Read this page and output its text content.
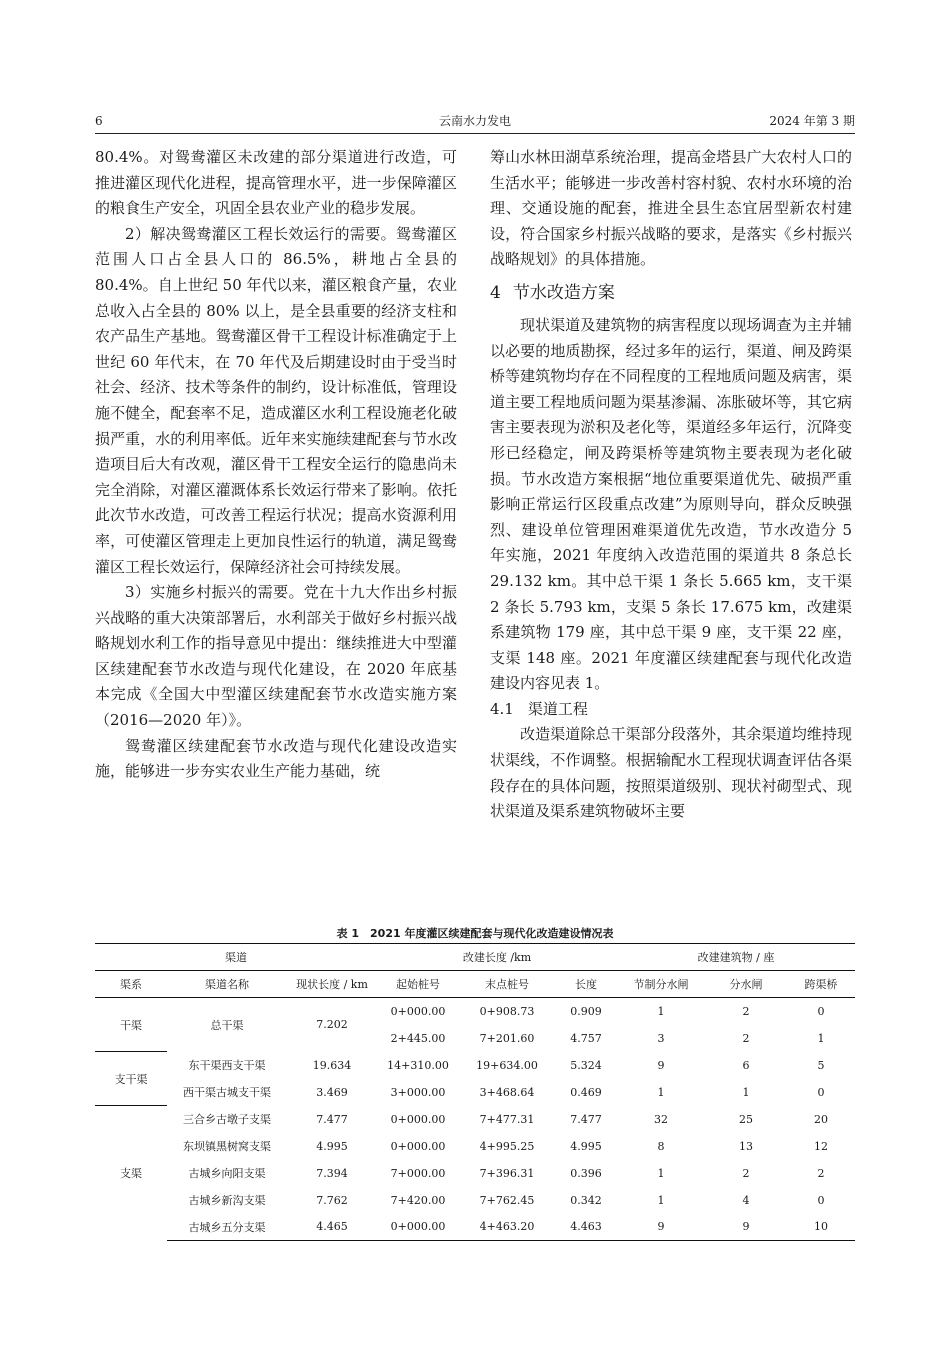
6	云南水力发电	2024 年第 3 期

80.4%。对鸳鸯灌区未改建的部分渠道进行改造，可推进灌区现代化进程，提高管理水平，进一步保障灌区的粮食生产安全，巩固全县农业产业的稳步发展。

2）解决鸳鸯灌区工程长效运行的需要。鸳鸯灌区范围人口占全县人口的 86.5%，耕地占全县的 80.4%。自上世纪 50 年代以来，灌区粮食产量，农业总收入占全县的 80% 以上，是全县重要的经济支柱和农产品生产基地。鸳鸯灌区骨干工程设计标准确定于上世纪 60 年代末，在 70 年代及后期建设时由于受当时社会、经济、技术等条件的制约，设计标准低，管理设施不健全，配套率不足，造成灌区水利工程设施老化破损严重，水的利用率低。近年来实施续建配套与节水改造项目后大有改观，灌区骨干工程安全运行的隐患尚未完全消除，对灌区灌溉体系长效运行带来了影响。依托此次节水改造，可改善工程运行状况；提高水资源利用率，可使灌区管理走上更加良性运行的轨道，满足鸳鸯灌区工程长效运行，保障经济社会可持续发展。

3）实施乡村振兴的需要。党在十九大作出乡村振兴战略的重大决策部署后，水利部关于做好乡村振兴战略规划水利工作的指导意见中提出：继续推进大中型灌区续建配套节水改造与现代化建设，在 2020 年底基本完成《全国大中型灌区续建配套节水改造实施方案（2016—2020 年）》。

鸳鸯灌区续建配套节水改造与现代化建设改造实施，能够进一步夯实农业生产能力基础，统

筹山水林田湖草系统治理，提高金塔县广大农村人口的生活水平；能够进一步改善村容村貌、农村水环境的治理、交通设施的配套，推进全县生态宜居型新农村建设，符合国家乡村振兴战略的要求，是落实《乡村振兴战略规划》的具体措施。

4 节水改造方案

现状渠道及建筑物的病害程度以现场调查为主并辅以必要的地质勘探，经过多年的运行，渠道、闸及跨渠桥等建筑物均存在不同程度的工程地质问题及病害，渠道主要工程地质问题为渠基渗漏、冻胀破坏等，其它病害主要表现为淤积及老化等，渠道经多年运行，沉降变形已经稳定，闸及跨渠桥等建筑物主要表现为老化破损。节水改造方案根据“地位重要渠道优先、破损严重影响正常运行区段重点改建”为原则导向，群众反映强烈、建设单位管理困难渠道优先改造，节水改造分 5 年实施，2021 年度纳入改造范围的渠道共 8 条总长 29.132 km。其中总干渠 1 条长 5.665 km，支干渠 2 条长 5.793 km，支渠 5 条长 17.675 km，改建渠系建筑物 179 座，其中总干渠 9 座，支干渠 22 座，支渠 148 座。2021 年度灌区续建配套与现代化改造建设内容见表 1。

4.1 渠道工程

改造渠道除总干渠部分段落外，其余渠道均维持现状渠线，不作调整。根据输配水工程现状调查评估各渠段存在的具体问题，按照渠道级别、现状衬砌型式、现状渠道及渠系建筑物破坏主要

表 1　2021 年度灌区续建配套与现代化改造建设情况表
渠道			改建长度 /km			改建建筑物 / 座		
渠系	渠道名称	现状长度 / km	起始桩号	末点桩号	长度	节制分水闸	分水闸	跨渠桥
干渠	总干渠	7.202	0+000.00	0+908.73	0.909	1	2	0
			2+445.00	7+201.60	4.757	3	2	1
支干渠	东干渠西支干渠	19.634	14+310.00	19+634.00	5.324	9	6	5
	西干渠古城支干渠	3.469	3+000.00	3+468.64	0.469	1	1	0
支渠	三合乡古墩子支渠	7.477	0+000.00	7+477.31	7.477	32	25	20
	东坝镇黑树窝支渠	4.995	0+000.00	4+995.25	4.995	8	13	12
	古城乡向阳支渠	7.394	7+000.00	7+396.31	0.396	1	2	2
	古城乡新沟支渠	7.762	7+420.00	7+762.45	0.342	1	4	0
	古城乡五分支渠	4.465	0+000.00	4+463.20	4.463	9	9	10
